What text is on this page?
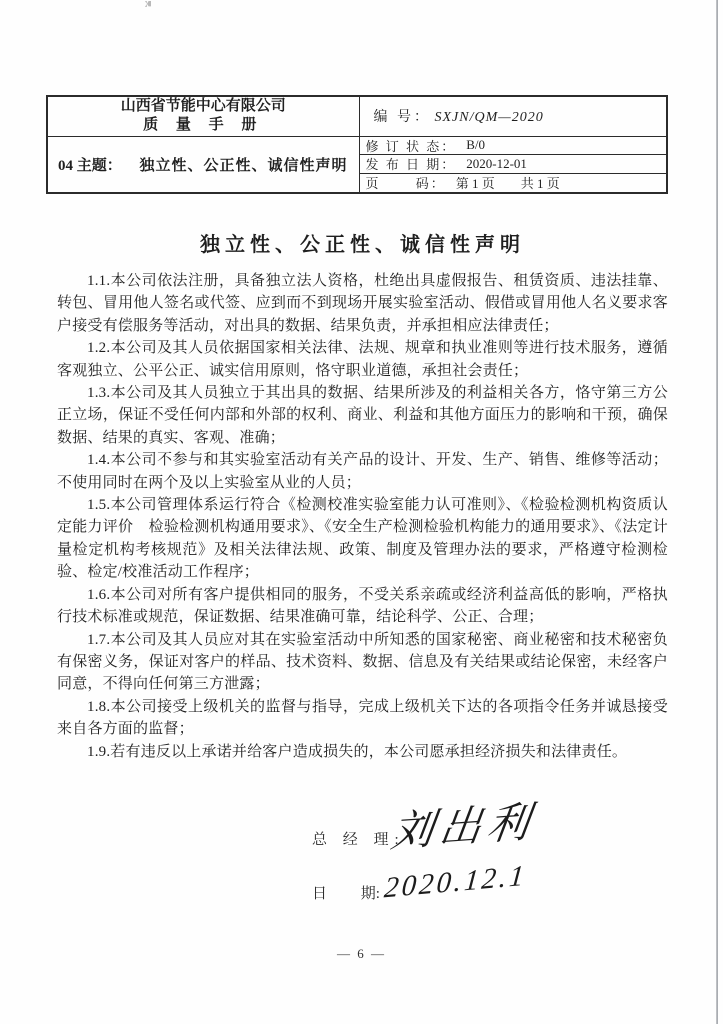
山西省节能中心有限公司
质 量 手 册	编 号： SXJN/QM—2020
04 主题： 独立性、公正性、诚信性声明	
修 订 状 态： B/0
发 布 日 期： 2020-12-01
页　　 码： 第 1 页　　共 1 页
独立性、公正性、诚信性声明

1.1.本公司依法注册，具备独立法人资格，杜绝出具虚假报告、租赁资质、违法挂靠、转包、冒用他人签名或代签、应到而不到现场开展实验室活动、假借或冒用他人名义要求客户接受有偿服务等活动，对出具的数据、结果负责，并承担相应法律责任；

1.2.本公司及其人员依据国家相关法律、法规、规章和执业准则等进行技术服务，遵循客观独立、公平公正、诚实信用原则，恪守职业道德，承担社会责任；

1.3.本公司及其人员独立于其出具的数据、结果所涉及的利益相关各方，恪守第三方公正立场，保证不受任何内部和外部的权利、商业、利益和其他方面压力的影响和干预，确保数据、结果的真实、客观、准确；

1.4.本公司不参与和其实验室活动有关产品的设计、开发、生产、销售、维修等活动；不使用同时在两个及以上实验室从业的人员；

1.5.本公司管理体系运行符合《检测校准实验室能力认可准则》、《检验检测机构资质认定能力评价　检验检测机构通用要求》、《安全生产检测检验机构能力的通用要求》、《法定计量检定机构考核规范》及相关法律法规、政策、制度及管理办法的要求，严格遵守检测检验、检定/校准活动工作程序；

1.6.本公司对所有客户提供相同的服务，不受关系亲疏或经济利益高低的影响，严格执行技术标准或规范，保证数据、结果准确可靠，结论科学、公正、合理；

1.7.本公司及其人员应对其在实验室活动中所知悉的国家秘密、商业秘密和技术秘密负有保密义务，保证对客户的样品、技术资料、数据、信息及有关结果或结论保密，未经客户同意，不得向任何第三方泄露；

1.8.本公司接受上级机关的监督与指导，完成上级机关下达的各项指令任务并诚恳接受来自各方面的监督；

1.9.若有违反以上承诺并给客户造成损失的，本公司愿承担经济损失和法律责任。

总 经 理:
刘出利
日　　 期: 2020.12.1
— 6 —
